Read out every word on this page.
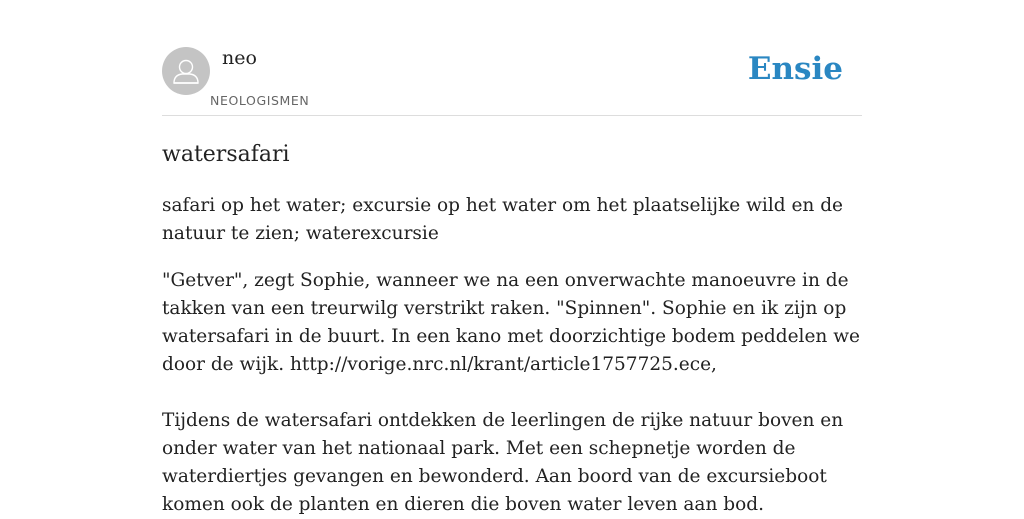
neo
NEOLOGISMEN
Ensie
watersafari

safari op het water; excursie op het water om het plaatselijke wild en de natuur te zien; waterexcursie

"Getver", zegt Sophie, wanneer we na een onverwachte manoeuvre in de takken van een treurwilg verstrikt raken. "Spinnen". Sophie en ik zijn op watersafari in de buurt. In een kano met doorzichtige bodem peddelen we door de wijk. http://vorige.nrc.nl/krant/article1757725.ece,

Tijdens de watersafari ontdekken de leerlingen de rijke natuur boven en onder water van het nationaal park. Met een schepnetje worden de waterdiertjes gevangen en bewonderd. Aan boord van de excursieboot komen ook de planten en dieren die boven water leven aan bod.
